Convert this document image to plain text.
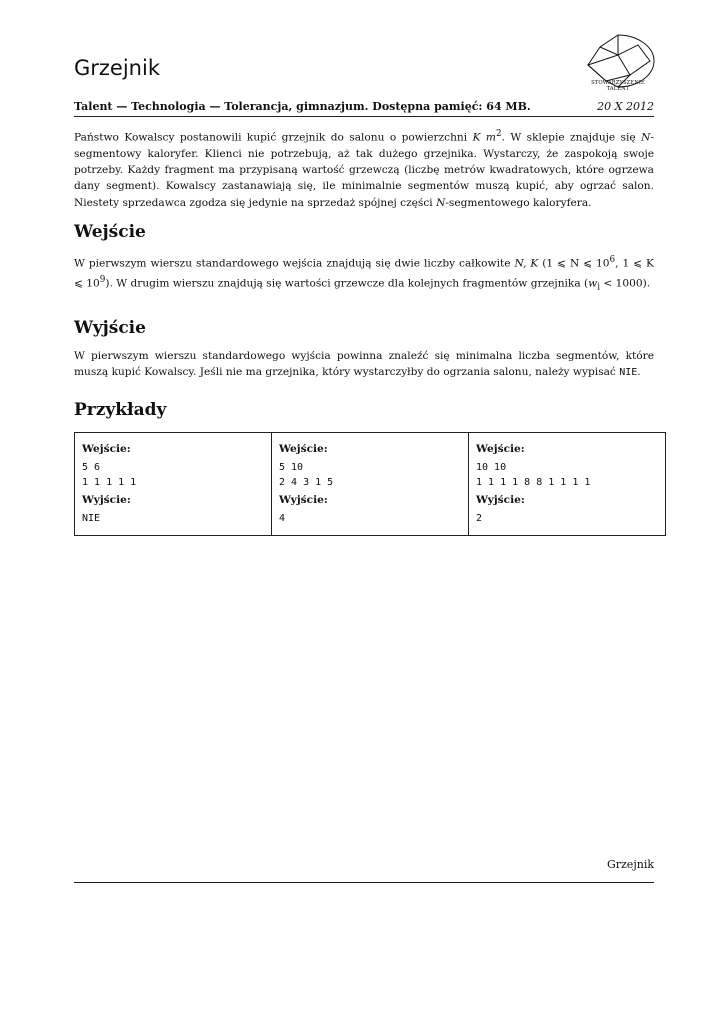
Grzejnik
STOWARZYSZENIE
TALENT
Talent — Technologia — Tolerancja, gimnazjum. Dostępna pamięć: 64 MB.	20 X 2012

Państwo Kowalscy postanowili kupić grzejnik do salonu o powierzchni K $m^2$. W sklepie znajduje się N-segmentowy kaloryfer. Klienci nie potrzebują, aż tak dużego grzejnika. Wystarczy, że zaspokoją swoje potrzeby. Każdy fragment ma przypisaną wartość grzewczą (liczbę metrów kwadratowych, które ogrzewa dany segment). Kowalscy zastanawiają się, ile minimalnie segmentów muszą kupić, aby ogrzać salon. Niestety sprzedawca zgodza się jedynie na sprzedaż spójnej części N-segmentowego kaloryfera.

Wejście

W pierwszym wierszu standardowego wejścia znajdują się dwie liczby całkowite N, K (1 ⩽ N ⩽ $10^6$, 1 ⩽ K ⩽ $10^9$). W drugim wierszu znajdują się wartości grzewcze dla kolejnych fragmentów grzejnika $(w_i < 1000)$.

Wyjście

W pierwszym wierszu standardowego wyjścia powinna znaleźć się minimalna liczba segmentów, które muszą kupić Kowalscy. Jeśli nie ma grzejnika, który wystarczyłby do ogrzania salonu, należy wypisać NIE.

Przykłady
Wejście:
5 6
1 1 1 1 1
Wyjście:
NIE
Wejście:
5 10
2 4 3 1 5
Wyjście:
4
Wejście:
10 10
1 1 1 1 8 8 1 1 1 1
Wyjście:
2
Grzejnik
